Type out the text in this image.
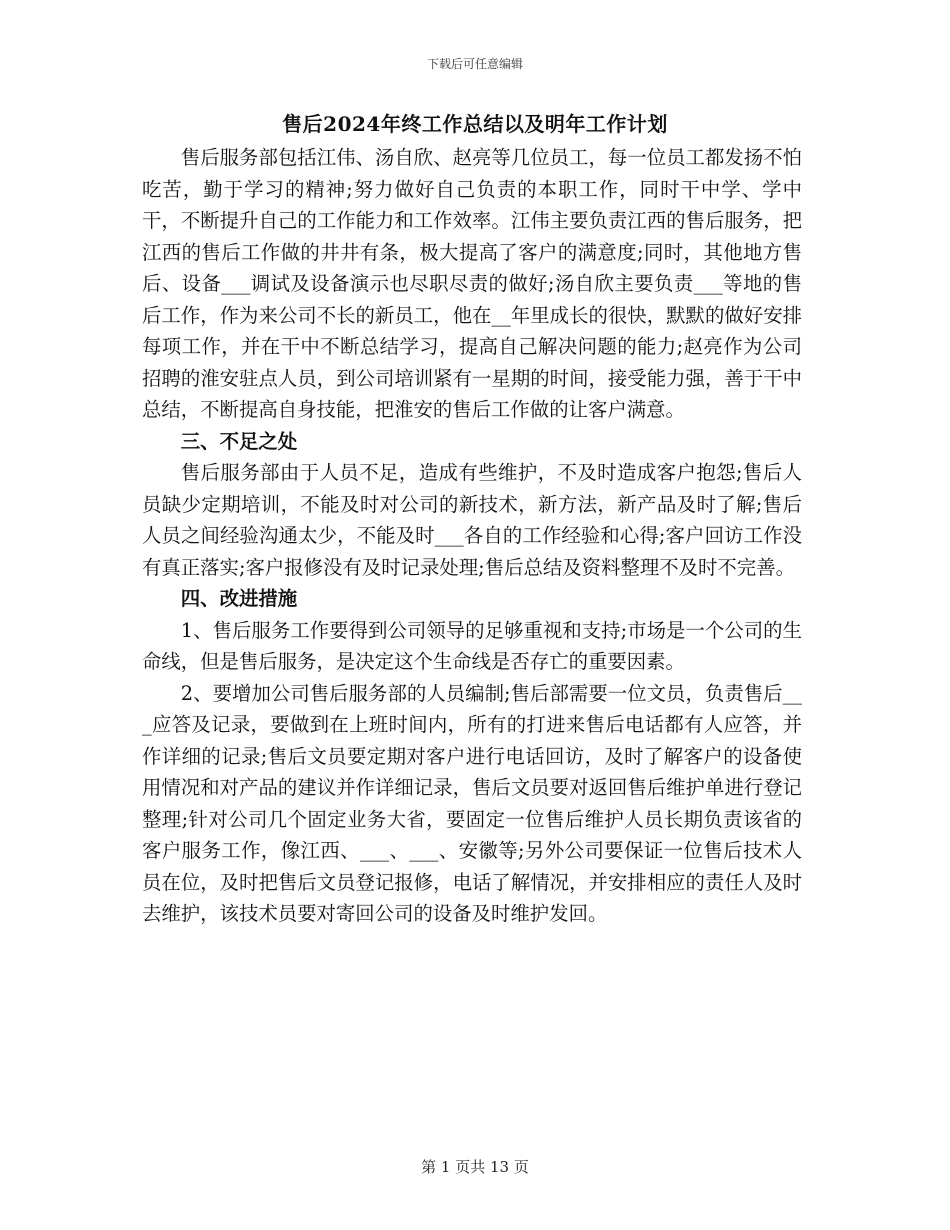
下载后可任意编辑
售后2024年终工作总结以及明年工作计划

售后服务部包括江伟、汤自欣、赵亮等几位员工，每一位员工都发扬不怕吃苦，勤于学习的精神;努力做好自己负责的本职工作，同时干中学、学中干，不断提升自己的工作能力和工作效率。江伟主要负责江西的售后服务，把江西的售后工作做的井井有条，极大提高了客户的满意度;同时，其他地方售后、设备___调试及设备演示也尽职尽责的做好;汤自欣主要负责___等地的售后工作，作为来公司不长的新员工，他在__年里成长的很快，默默的做好安排每项工作，并在干中不断总结学习，提高自己解决问题的能力;赵亮作为公司招聘的淮安驻点人员，到公司培训紧有一星期的时间，接受能力强，善于干中总结，不断提高自身技能，把淮安的售后工作做的让客户满意。

三、不足之处

售后服务部由于人员不足，造成有些维护，不及时造成客户抱怨;售后人员缺少定期培训，不能及时对公司的新技术，新方法，新产品及时了解;售后人员之间经验沟通太少，不能及时___各自的工作经验和心得;客户回访工作没有真正落实;客户报修没有及时记录处理;售后总结及资料整理不及时不完善。

四、改进措施

1、售后服务工作要得到公司领导的足够重视和支持;市场是一个公司的生命线，但是售后服务，是决定这个生命线是否存亡的重要因素。

2、要增加公司售后服务部的人员编制;售后部需要一位文员，负责售后___应答及记录，要做到在上班时间内，所有的打进来售后电话都有人应答，并作详细的记录;售后文员要定期对客户进行电话回访，及时了解客户的设备使用情况和对产品的建议并作详细记录，售后文员要对返回售后维护单进行登记整理;针对公司几个固定业务大省，要固定一位售后维护人员长期负责该省的客户服务工作，像江西、___、___、安徽等;另外公司要保证一位售后技术人员在位，及时把售后文员登记报修，电话了解情况，并安排相应的责任人及时去维护，该技术员要对寄回公司的设备及时维护发回。

第 1 页共 13 页
